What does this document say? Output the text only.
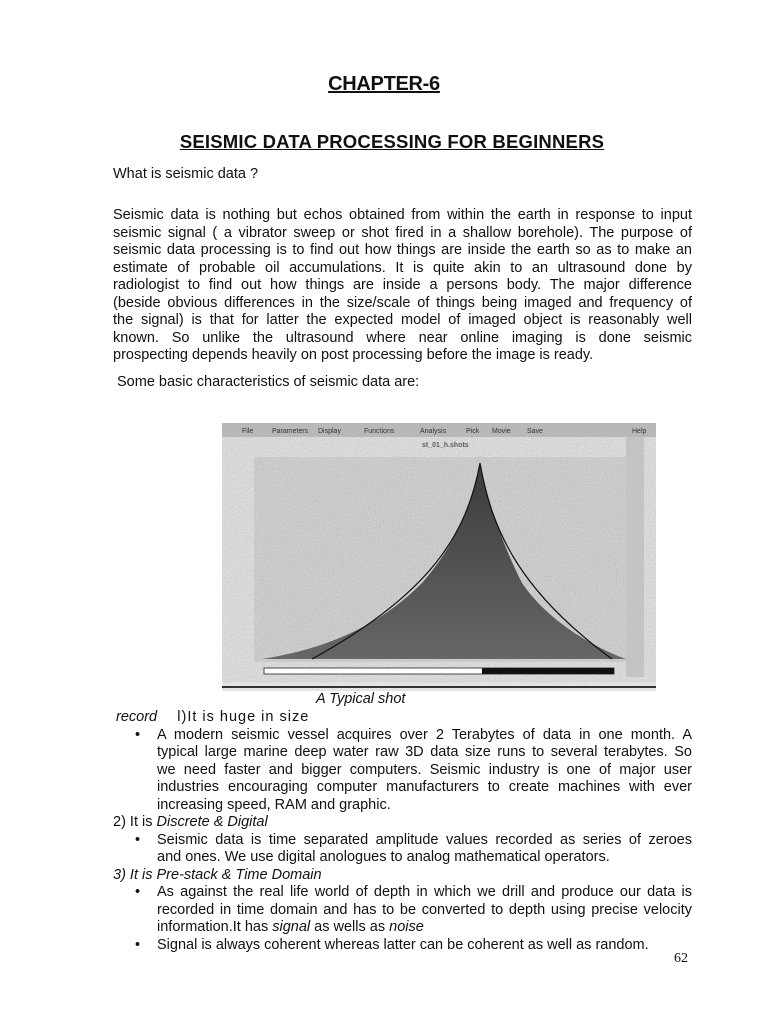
CHAPTER-6
SEISMIC DATA PROCESSING FOR BEGINNERS
What is seismic data ?
Seismic data is nothing but echos obtained from within the earth in response to input
seismic signal ( a vibrator sweep or shot fired in a shallow borehole). The purpose of
seismic data processing is to find out how things are inside the earth so as to make an
estimate of probable oil accumulations. It is quite akin to an ultrasound done by
radiologist to find out how things are inside a persons body. The major difference
(beside obvious differences in the size/scale of things being imaged and frequency of
the signal) is that for latter the expected model of imaged object is reasonably well
known. So unlike the ultrasound where near online imaging is done seismic
prospecting depends heavily on post processing before the image is ready.
Some basic characteristics of seismic data are:
File	Parameters Display	Functions	Analysis	Pick Movie Save	Help
st_01_h.shots
A Typical shot
record l)It is huge in size
• A modern seismic vessel acquires over 2 Terabytes of data in one month. A
typical large marine deep water raw 3D data size runs to several terabytes. So
we need faster and bigger computers. Seismic industry is one of major user
industries encouraging computer manufacturers to create machines with ever
increasing speed, RAM and graphic.
2) It is Discrete & Digital
• Seismic data is time separated amplitude values recorded as series of zeroes
and ones. We use digital anologues to analog mathematical operators.
3) It is Pre-stack & Time Domain
• As against the real life world of depth in which we drill and produce our data is
recorded in time domain and has to be converted to depth using precise velocity
information.It has signal as wells as noise
• Signal is always coherent whereas latter can be coherent as well as random.
62
